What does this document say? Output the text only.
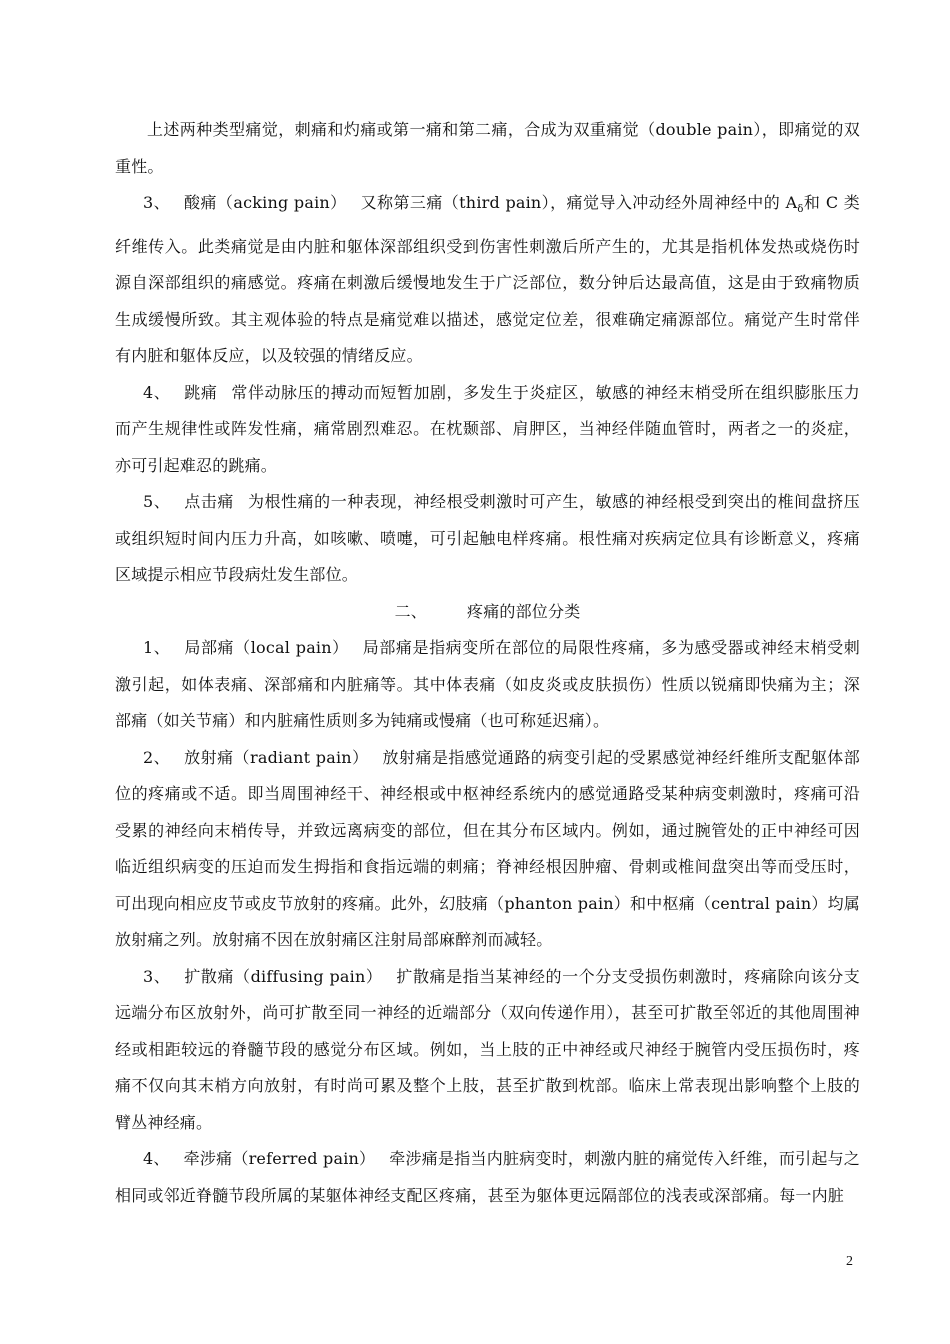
上述两种类型痛觉，刺痛和灼痛或第一痛和第二痛，合成为双重痛觉（double pain），即痛觉的双重性。

3、 酸痛（acking pain） 又称第三痛（third pain），痛觉导入冲动经外周神经中的 $A_\delta$和 C 类纤维传入。此类痛觉是由内脏和躯体深部组织受到伤害性刺激后所产生的，尤其是指机体发热或烧伤时源自深部组织的痛感觉。疼痛在刺激后缓慢地发生于广泛部位，数分钟后达最高值，这是由于致痛物质生成缓慢所致。其主观体验的特点是痛觉难以描述，感觉定位差，很难确定痛源部位。痛觉产生时常伴有内脏和躯体反应，以及较强的情绪反应。

4、 跳痛 常伴动脉压的搏动而短暂加剧，多发生于炎症区，敏感的神经末梢受所在组织膨胀压力而产生规律性或阵发性痛，痛常剧烈难忍。在枕颞部、肩胛区，当神经伴随血管时，两者之一的炎症，亦可引起难忍的跳痛。

5、 点击痛 为根性痛的一种表现，神经根受刺激时可产生，敏感的神经根受到突出的椎间盘挤压或组织短时间内压力升高，如咳嗽、喷嚏，可引起触电样疼痛。根性痛对疾病定位具有诊断意义，疼痛区域提示相应节段病灶发生部位。

二、	疼痛的部位分类

1、 局部痛（local pain） 局部痛是指病变所在部位的局限性疼痛，多为感受器或神经末梢受刺激引起，如体表痛、深部痛和内脏痛等。其中体表痛（如皮炎或皮肤损伤）性质以锐痛即快痛为主；深部痛（如关节痛）和内脏痛性质则多为钝痛或慢痛（也可称延迟痛）。

2、 放射痛（radiant pain） 放射痛是指感觉通路的病变引起的受累感觉神经纤维所支配躯体部位的疼痛或不适。即当周围神经干、神经根或中枢神经系统内的感觉通路受某种病变刺激时，疼痛可沿受累的神经向末梢传导，并致远离病变的部位，但在其分布区域内。例如，通过腕管处的正中神经可因临近组织病变的压迫而发生拇指和食指远端的刺痛；脊神经根因肿瘤、骨刺或椎间盘突出等而受压时，可出现向相应皮节或皮节放射的疼痛。此外，幻肢痛（phanton pain）和中枢痛（central pain）均属放射痛之列。放射痛不因在放射痛区注射局部麻醉剂而减轻。

3、 扩散痛（diffusing pain） 扩散痛是指当某神经的一个分支受损伤刺激时，疼痛除向该分支远端分布区放射外，尚可扩散至同一神经的近端部分（双向传递作用），甚至可扩散至邻近的其他周围神经或相距较远的脊髓节段的感觉分布区域。例如，当上肢的正中神经或尺神经于腕管内受压损伤时，疼痛不仅向其末梢方向放射，有时尚可累及整个上肢，甚至扩散到枕部。临床上常表现出影响整个上肢的臂丛神经痛。

4、 牵涉痛（referred pain） 牵涉痛是指当内脏病变时，刺激内脏的痛觉传入纤维，而引起与之相同或邻近脊髓节段所属的某躯体神经支配区疼痛，甚至为躯体更远隔部位的浅表或深部痛。每一内脏

2
